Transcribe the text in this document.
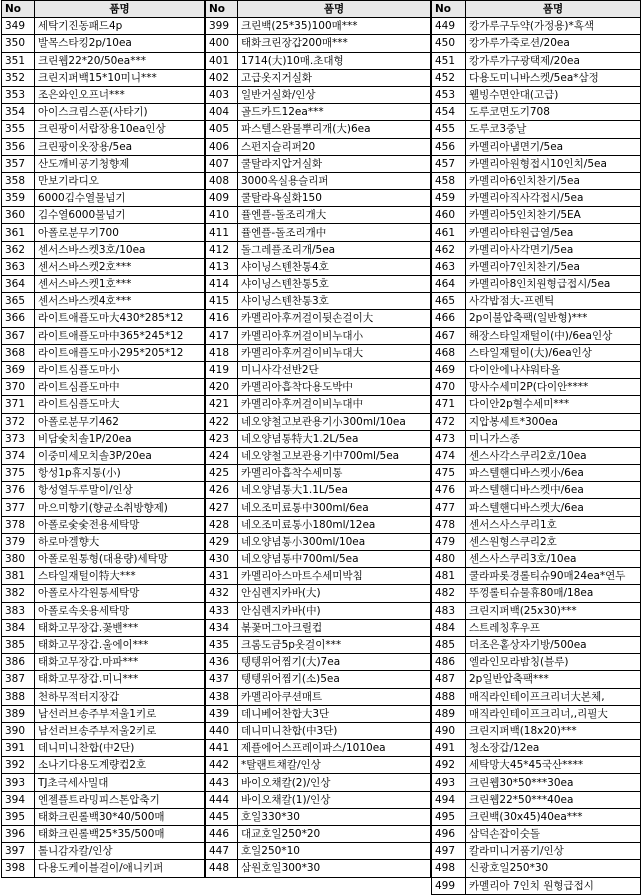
No	품명
349	세탁기진동패드4p
350	발목스타킹2p/10ea
351	크린웹22*20/50ea***
352	크린지퍼백15*10미니***
353	조은와인오프너***
354	아이스크림스푼(사타기)
355	크린팡이서랍장용10ea인상
356	크린팡이옷장용/5ea
357	산도깨비공기청향제
358	만보기라디오
359	6000김수열물넘기
360	김수열6000물넘기
361	아폴로분무기700
362	센서스바스켓3호/10ea
363	센서스바스켓2호***
364	센서스바스켓1호***
365	센서스바스켓4호***
366	라이트애플도마大430*285*12
367	라이트애플도마中365*245*12
368	라이트애플도마小295*205*12
369	라이트심플도마小
370	라이트심플도마中
371	라이트심플도마大
372	아폴로분무기462
373	비담숯치솔1P/20ea
374	이중미세모치솔3P/20ea
375	항성1p휴지통(小)
376	항성열두루말이/인상
377	마으미향기(향균소취방향제)
378	아폴로숯숯전용세탁망
379	하로마겔향大
380	아폴로원통형(대용량)세탁망
381	스타일재털이特大***
382	아폴로사각원통세탁망
383	아폴로속옷용세탁망
384	태화고무장갑.꽃밴***
385	태화고무장갑.울에이***
386	태화고무장갑.마파***
387	태화고무장갑.미니***
388	천하무적터지장갑
389	남선러브송주부저울1키로
390	남선러브송주부저울2키로
391	데니미니찬합(中2단)
392	소나기다용도계량컵2호
393	TJ초극세사밀대
394	엔젤플트라밍피스톤압축기
395	태화크린롤백30*40/500매
396	태화크린롤백25*35/500매
397	톨니감자칼/인상
398	다용도케이블걸이/애니키퍼
No	품명
399	크린백(25*35)100매***
400	태화크린장갑200매***
401	1714(大)10매.초대형
402	고급옷지거실화
403	일반거실화/인상
404	골드카드12ea***
405	파스텔스완물뿌리개(大)6ea
406	스펀지슬리퍼20
407	쿨탈라지압거실화
408	3000옥실용슬리퍼
409	쿨탈라욕실화150
410	퓰엔플-돌조리개大
411	퓰엔플-돌조리개中
412	돌그레플조리개/5ea
413	샤이닝스텐찬통4호
414	샤이닝스텐찬통5호
415	샤이닝스텐찬통3호
416	카멜리아후꺼걸이뒷손걸이大
417	카멜리아후꺼걸이비누대小
418	카멜리아후꺼걸이비누대大
419	미니사각선반2단
420	카멜리아흡착다용도박中
421	카멜리아후꺼걸이비누대中
422	네오양철고보관용기小300ml/10ea
423	네오양념통特大1.2L/5ea
424	네오양철고보관용기中700ml/5ea
425	카멜리아흡착수세미통
426	네오양념통大1.1L/5ea
427	네오조미료통中300ml/6ea
428	네오조미료통小180ml/12ea
429	네오양념통小300ml/10ea
430	네오양념통中700ml/5ea
431	카멜리아스마트수세미박침
432	안심렌지카바(大)
433	안심렌지카바(中)
434	볶꽃머그아크릴컵
435	크롬도금5p옷걸이***
436	텡텡위어찜기(大)7ea
437	텡텡위어찜기(소)5ea
438	카멜리아쿠션매트
439	데니베어찬합大3단
440	데니미니찬합(中3단)
441	제플에어스프레이파스/1010ea
442	*탈랜트채칼/인상
443	바이오채칼(2)/인상
444	바이오채칼(1)/인상
445	호일330*30
446	대교호일250*20
447	호일250*10
448	삼원호일300*30
No	품명
449	캉가루구두약(가정용)*흑색
450	캉가루가죽로션/20ea
451	캉가루가구광택제/20ea
452	다용도미니바스켓/5ea*삼정
453	웰빙수면안대(고급)
454	도루코면도기708
455	도루코3중날
456	카멜리아냄면기/5ea
457	카멜리아원형접시10인치/5ea
458	카멜리아6인치찬기/5ea
459	카멜리아직사각접시/5ea
460	카멜리아5인치찬기/5EA
461	카멜리아타원급열/5ea
462	카멜리아사각면기/5ea
463	카멜리아7인치찬기/5ea
464	카멜리아8인치원형급접시/5ea
465	사각밥점大-프렌틱
466	2p이불압축팩(일반형)***
467	해장스타일재털이(中)/6ea인상
468	스타일재털이(大)/6ea인상
469	다이안에나샤워타올
470	망사수세미2P(다이안****
471	다이안2p혈수세미***
472	지압봉세트*300ea
473	미니가스종
474	센스사각스쿠리2호/10ea
475	파스텔핸디바스켓小/6ea
476	파스텔핸디바스켓中/6ea
477	파스텔핸디바스켓大/6ea
478	센서스사스쿠리1호
479	센스원형스쿠리2호
480	센스사스쿠리3호/10ea
481	쿨라파롯경롤티슈90매24ea*연두
482	뚜껑롤티슈물휴80매/18ea
483	크린지퍼백(25x30)***
484	스트레칭후우프
485	더조은홑상자기방/500ea
486	엘라인모라밤칭(블루)
487	2p일반압축팩***
488	매직라인테이프크리너大본체,
489	매직라인테이프크리너,,리필大
490	크린지퍼백(18x20)***
491	청소장갑/12ea
492	세탁망大45*45국산****
493	크린웹30*50***30ea
494	크린웹22*50***40ea
495	크린백(30x45)40ea***
496	삼덕손잡이숫돌
497	칼라미니거품기/인상
498	신광호일250*30
499	카멜리아 7인치 원형급접시
